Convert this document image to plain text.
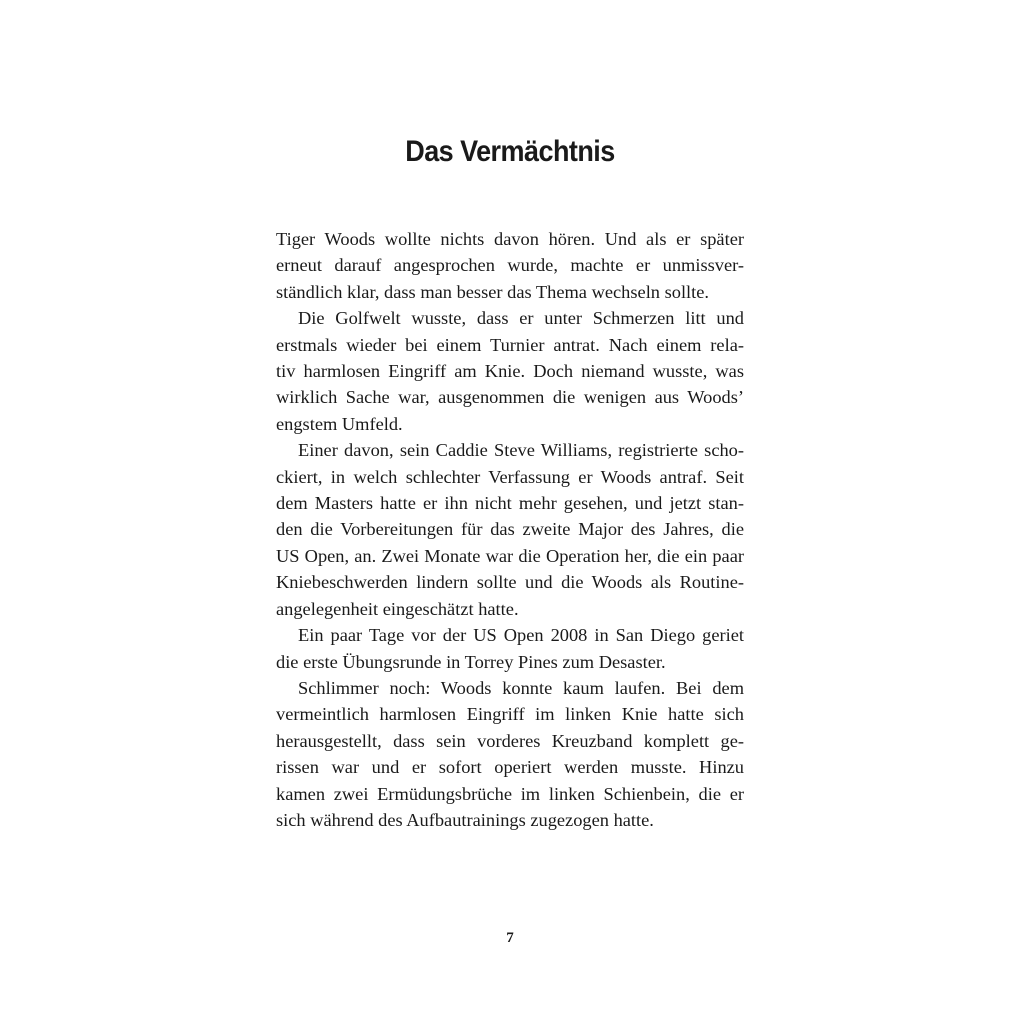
Das Vermächtnis
Tiger Woods wollte nichts davon hören. Und als er später
erneut darauf angesprochen wurde, machte er unmissver-
ständlich klar, dass man besser das Thema wechseln sollte.
Die Golfwelt wusste, dass er unter Schmerzen litt und
erstmals wieder bei einem Turnier antrat. Nach einem rela-
tiv harmlosen Eingriff am Knie. Doch niemand wusste, was
wirklich Sache war, ausgenommen die wenigen aus Woods’
engstem Umfeld.
Einer davon, sein Caddie Steve Williams, registrierte scho-
ckiert, in welch schlechter Verfassung er Woods antraf. Seit
dem Masters hatte er ihn nicht mehr gesehen, und jetzt stan-
den die Vorbereitungen für das zweite Major des Jahres, die
US Open, an. Zwei Monate war die Operation her, die ein paar
Kniebeschwerden lindern sollte und die Woods als Routine-
angelegenheit eingeschätzt hatte.
Ein paar Tage vor der US Open 2008 in San Diego geriet
die erste Übungsrunde in Torrey Pines zum Desaster.
Schlimmer noch: Woods konnte kaum laufen. Bei dem
vermeintlich harmlosen Eingriff im linken Knie hatte sich
herausgestellt, dass sein vorderes Kreuzband komplett ge-
rissen war und er sofort operiert werden musste. Hinzu
kamen zwei Ermüdungsbrüche im linken Schienbein, die er
sich während des Aufbautrainings zugezogen hatte.
7
